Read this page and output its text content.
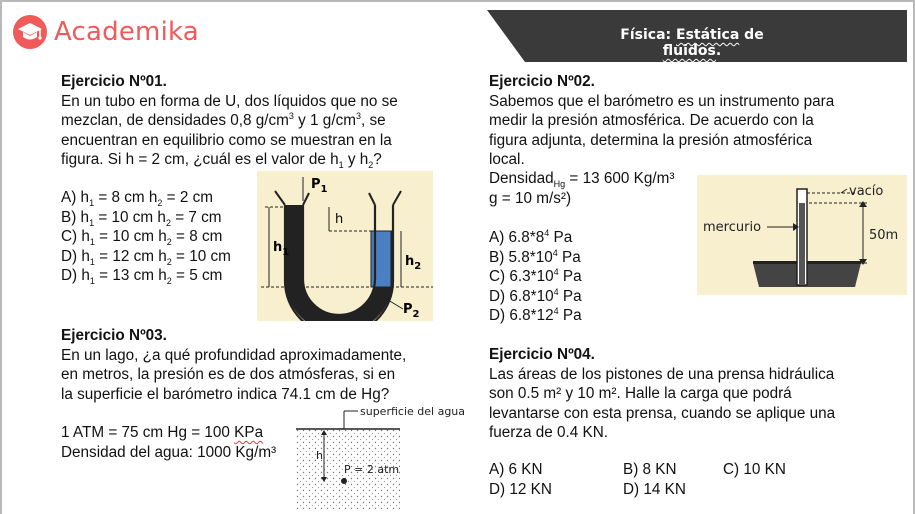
Academika	Física: Estática de fluidos.
Ejercicio Nº01.
En un tubo en forma de U, dos líquidos que no se
mezclan, de densidades 0,8 $g/cm^3$ y 1 $g/cm^3$, se
encuentran en equilibrio como se muestran en la
figura. Si h = 2 cm, ¿cuál es el valor de $h_1$ y $h_2$?
A) $h_1 = 8$ cm $h_2 = 2$ cm
B) $h_1 = 10$ cm $h_2 = 7$ cm
C) $h_1 = 10$ cm $h_2 = 8$ cm
D) $h_1 = 12$ cm $h_2 = 10$ cm
D) $h_1 = 13$ cm $h_2 = 5$ cm
$P_1$
h
$h_1$
$h_2$
$P_2$
Ejercicio Nº02.
Sabemos que el barómetro es un instrumento para
medir la presión atmosférica. De acuerdo con la
figura adjunta, determina la presión atmosférica
local.
Densidad$_{Hg}$ = 13 600 Kg/m³
g = 10 m/s²)
A) $6.8*8^4$ Pa
B) $5.8*10^4$ Pa
C) $6.3*10^4$ Pa
D) $6.8*10^4$ Pa
D) $6.8*12^4$ Pa
vacío
50m
mercurio
Ejercicio Nº03.
En un lago, ¿a qué profundidad aproximadamente,
en metros, la presión es de dos atmósferas, si en
la superficie el barómetro indica 74.1 cm de Hg?
1 ATM = 75 cm Hg = 100 KPa
Densidad del agua: 1000 Kg/m³
superficie del agua
h
P = 2 atm
Ejercicio Nº04.
Las áreas de los pistones de una prensa hidráulica
son 0.5 m² y 10 m². Halle la carga que podrá
levantarse con esta prensa, cuando se aplique una
fuerza de 0.4 KN.
A) 6 KN	B) 8 KN	C) 10 KN
D) 12 KN	D) 14 KN
